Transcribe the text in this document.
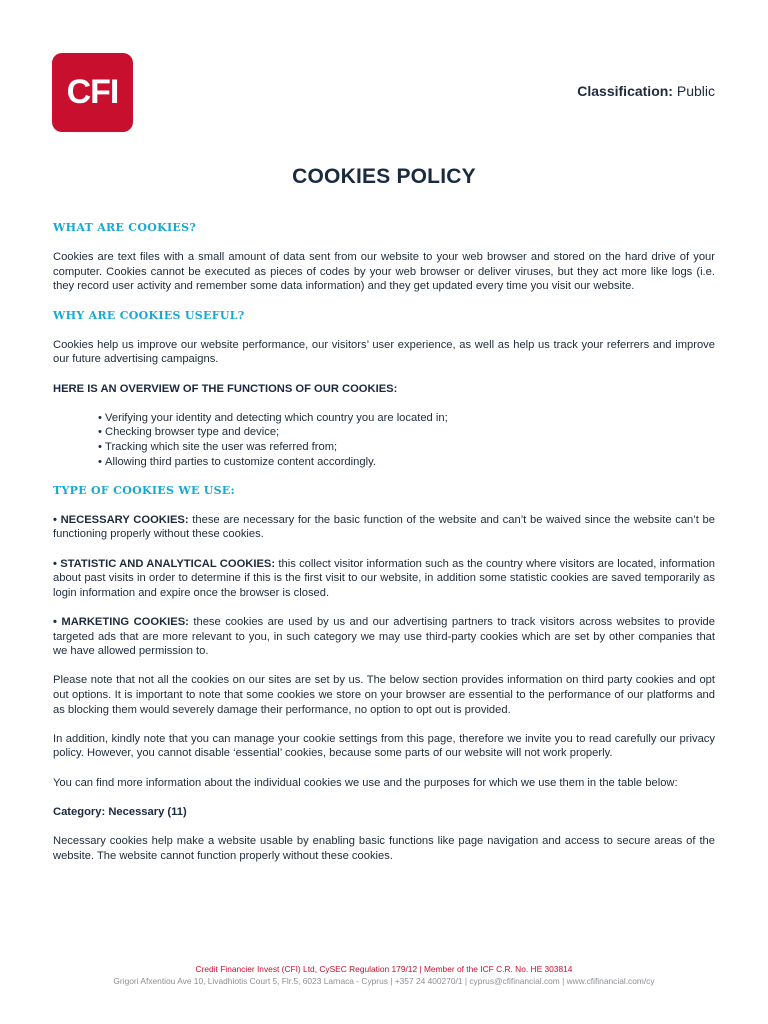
CFI	Classification: Public
COOKIES POLICY
WHAT ARE COOKIES?

Cookies are text files with a small amount of data sent from our website to your web browser and stored on the hard drive of your computer. Cookies cannot be executed as pieces of codes by your web browser or deliver viruses, but they act more like logs (i.e. they record user activity and remember some data information) and they get updated every time you visit our website.

WHY ARE COOKIES USEFUL?

Cookies help us improve our website performance, our visitors’ user experience, as well as help us track your referrers and improve our future advertising campaigns.

HERE IS AN OVERVIEW OF THE FUNCTIONS OF OUR COOKIES:
• Verifying your identity and detecting which country you are located in;
• Checking browser type and device;
• Tracking which site the user was referred from;
• Allowing third parties to customize content accordingly.
TYPE OF COOKIES WE USE:

• NECESSARY COOKIES: these are necessary for the basic function of the website and can’t be waived since the website can’t be functioning properly without these cookies.

• STATISTIC AND ANALYTICAL COOKIES: this collect visitor information such as the country where visitors are located, information about past visits in order to determine if this is the first visit to our website, in addition some statistic cookies are saved temporarily as login information and expire once the browser is closed.

• MARKETING COOKIES: these cookies are used by us and our advertising partners to track visitors across websites to provide targeted ads that are more relevant to you, in such category we may use third-party cookies which are set by other companies that we have allowed permission to.

Please note that not all the cookies on our sites are set by us. The below section provides information on third party cookies and opt out options. It is important to note that some cookies we store on your browser are essential to the performance of our platforms and as blocking them would severely damage their performance, no option to opt out is provided.

In addition, kindly note that you can manage your cookie settings from this page, therefore we invite you to read carefully our privacy policy. However, you cannot disable ‘essential’ cookies, because some parts of our website will not work properly.

You can find more information about the individual cookies we use and the purposes for which we use them in the table below:

Category: Necessary (11)

Necessary cookies help make a website usable by enabling basic functions like page navigation and access to secure areas of the website. The website cannot function properly without these cookies.

Credit Financier Invest (CFI) Ltd, CySEC Regulation 179/12 | Member of the ICF C.R. No. HE 303814
Grigori Afxentiou Ave 10, Livadhiotis Court 5, Flr.5, 6023 Larnaca - Cyprus | +357 24 400270/1 | cyprus@cfifinancial.com | www.cfifinancial.com/cy
